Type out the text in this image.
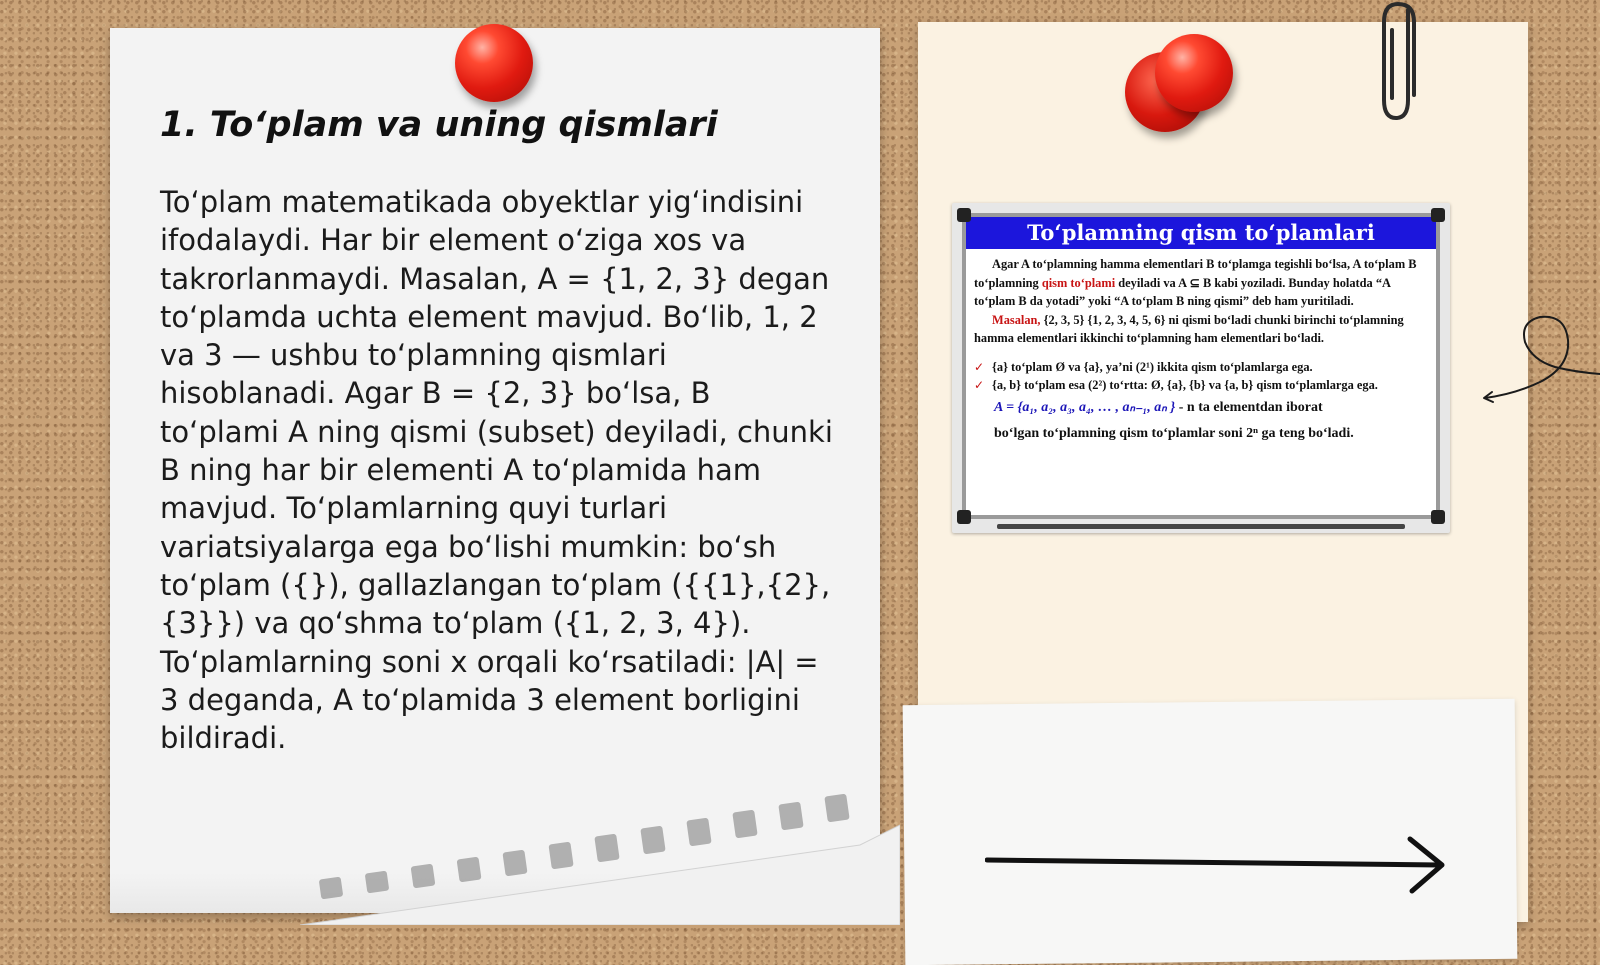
1. To‘plam va uning qismlari

To‘plam matematikada obyektlar yig‘indisini ifodalaydi. Har bir element o‘ziga xos va takrorlanmaydi. Masalan, A = {1, 2, 3} degan to‘plamda uchta element mavjud. Bo‘lib, 1, 2 va 3 — ushbu to‘plamning qismlari hisoblanadi. Agar B = {2, 3} bo‘lsa, B to‘plami A ning qismi (subset) deyiladi, chunki B ning har bir elementi A to‘plamida ham mavjud. To‘plamlarning quyi turlari variatsiyalarga ega bo‘lishi mumkin: bo‘sh to‘plam ({}), gallazlangan to‘plam ({{1},{2},{3}}) va qo‘shma to‘plam ({1, 2, 3, 4}). To‘plamlarning soni x orqali ko‘rsatiladi: |A| = 3 deganda, A to‘plamida 3 element borligini bildiradi.

To‘plamning qism to‘plamlari

Agar A to‘plamning hamma elementlari B to‘plamga tegishli bo‘lsa, A to‘plam B to‘plamning qism to‘plami deyiladi va A ⊆ B kabi yoziladi. Bunday holatda “A to‘plam B da yotadi” yoki “A to‘plam B ning qismi” deb ham yuritiladi.

Masalan, {2, 3, 5} {1, 2, 3, 4, 5, 6} ni qismi bo‘ladi chunki birinchi to‘plamning hamma elementlari ikkinchi to‘plamning ham elementlari bo‘ladi.

✓ {a} to‘plam Ø va {a}, ya’ni (2¹) ikkita qism to‘plamlarga ega.
✓ {a, b} to‘plam esa (2²) to‘rtta: Ø, {a}, {b} va {a, b} qism to‘plamlarga ega.
A = {a₁, a₂, a₃, a₄, … , aₙ₋₁, aₙ } - n ta elementdan iborat
bo‘lgan to‘plamning qism to‘plamlar soni 2ⁿ ga teng bo‘ladi.
